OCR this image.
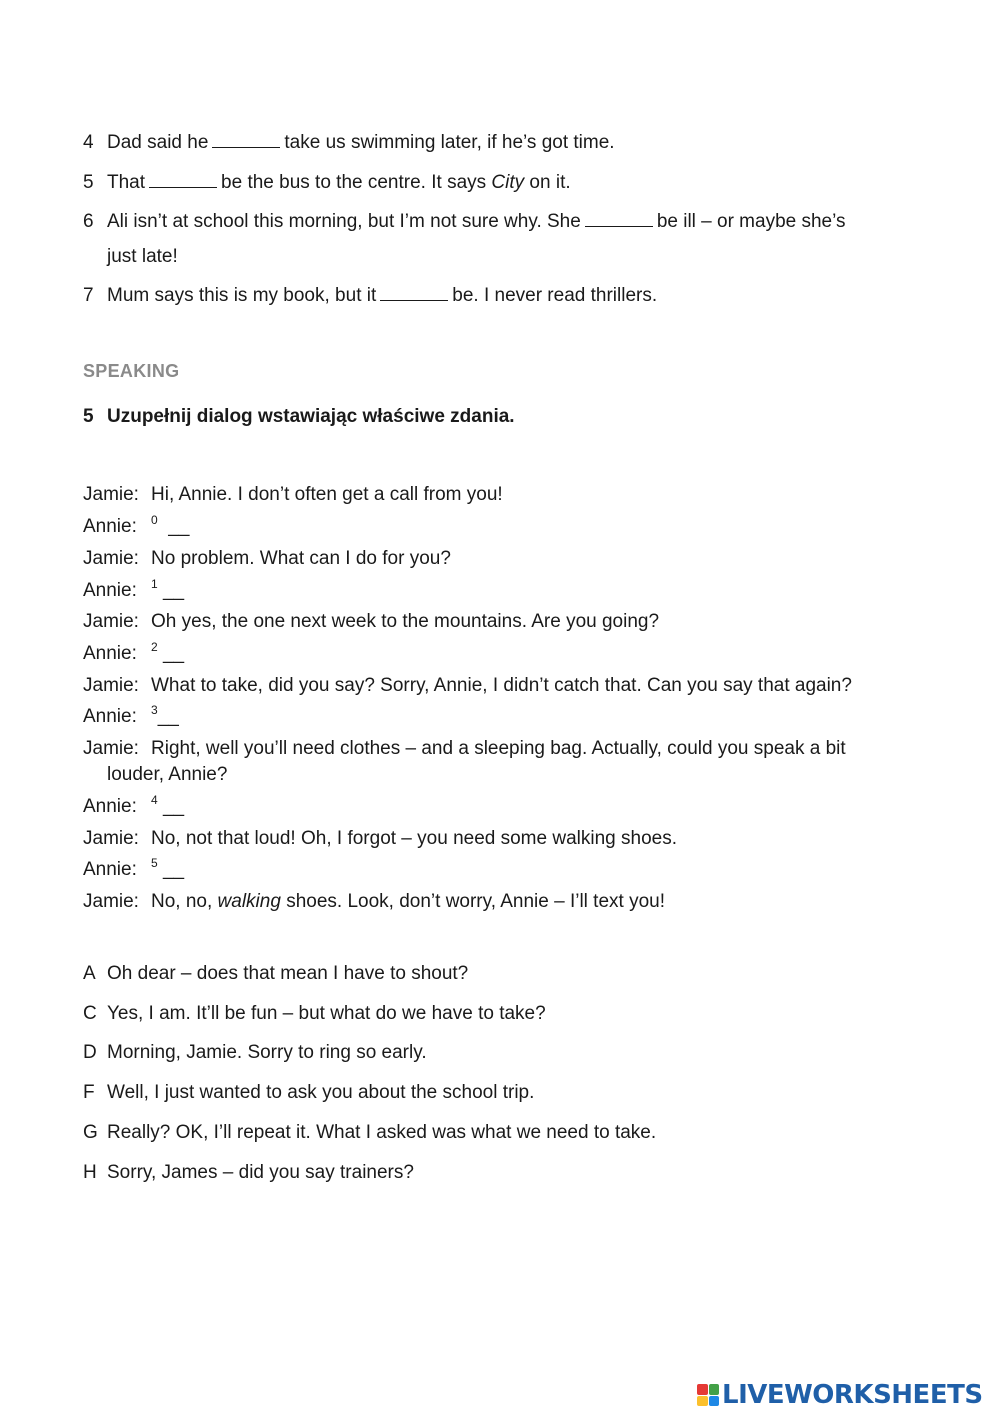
4 Dad said he	take us swimming later, if he’s got time.
5 That	be the bus to the centre. It says City on it.
6 Ali isn’t at school this morning, but I’m not sure why. She	be ill – or maybe she’s
just late!
7 Mum says this is my book, but it	be. I never read thrillers.
SPEAKING
5 Uzupełnij dialog wstawiając właściwe zdania.
Jamie: Hi, Annie. I don’t often get a call from you!
Annie: $^0$ __
Jamie: No problem. What can I do for you?
Annie: $^1$ __
Jamie: Oh yes, the one next week to the mountains. Are you going?
Annie: $^2$ __
Jamie: What to take, did you say? Sorry, Annie, I didn’t catch that. Can you say that again?
Annie: $^3$__
Jamie: Right, well you’ll need clothes – and a sleeping bag. Actually, could you speak a bit
louder, Annie?
Annie: $^4$ __
Jamie: No, not that loud! Oh, I forgot – you need some walking shoes.
Annie: $^5$ __
Jamie: No, no, walking shoes. Look, don’t worry, Annie – I’ll text you!
A Oh dear – does that mean I have to shout?
C Yes, I am. It’ll be fun – but what do we have to take?
D Morning, Jamie. Sorry to ring so early.
F Well, I just wanted to ask you about the school trip.
G Really? OK, I’ll repeat it. What I asked was what we need to take.
H Sorry, James – did you say trainers?
LIVEWORKSHEETS
